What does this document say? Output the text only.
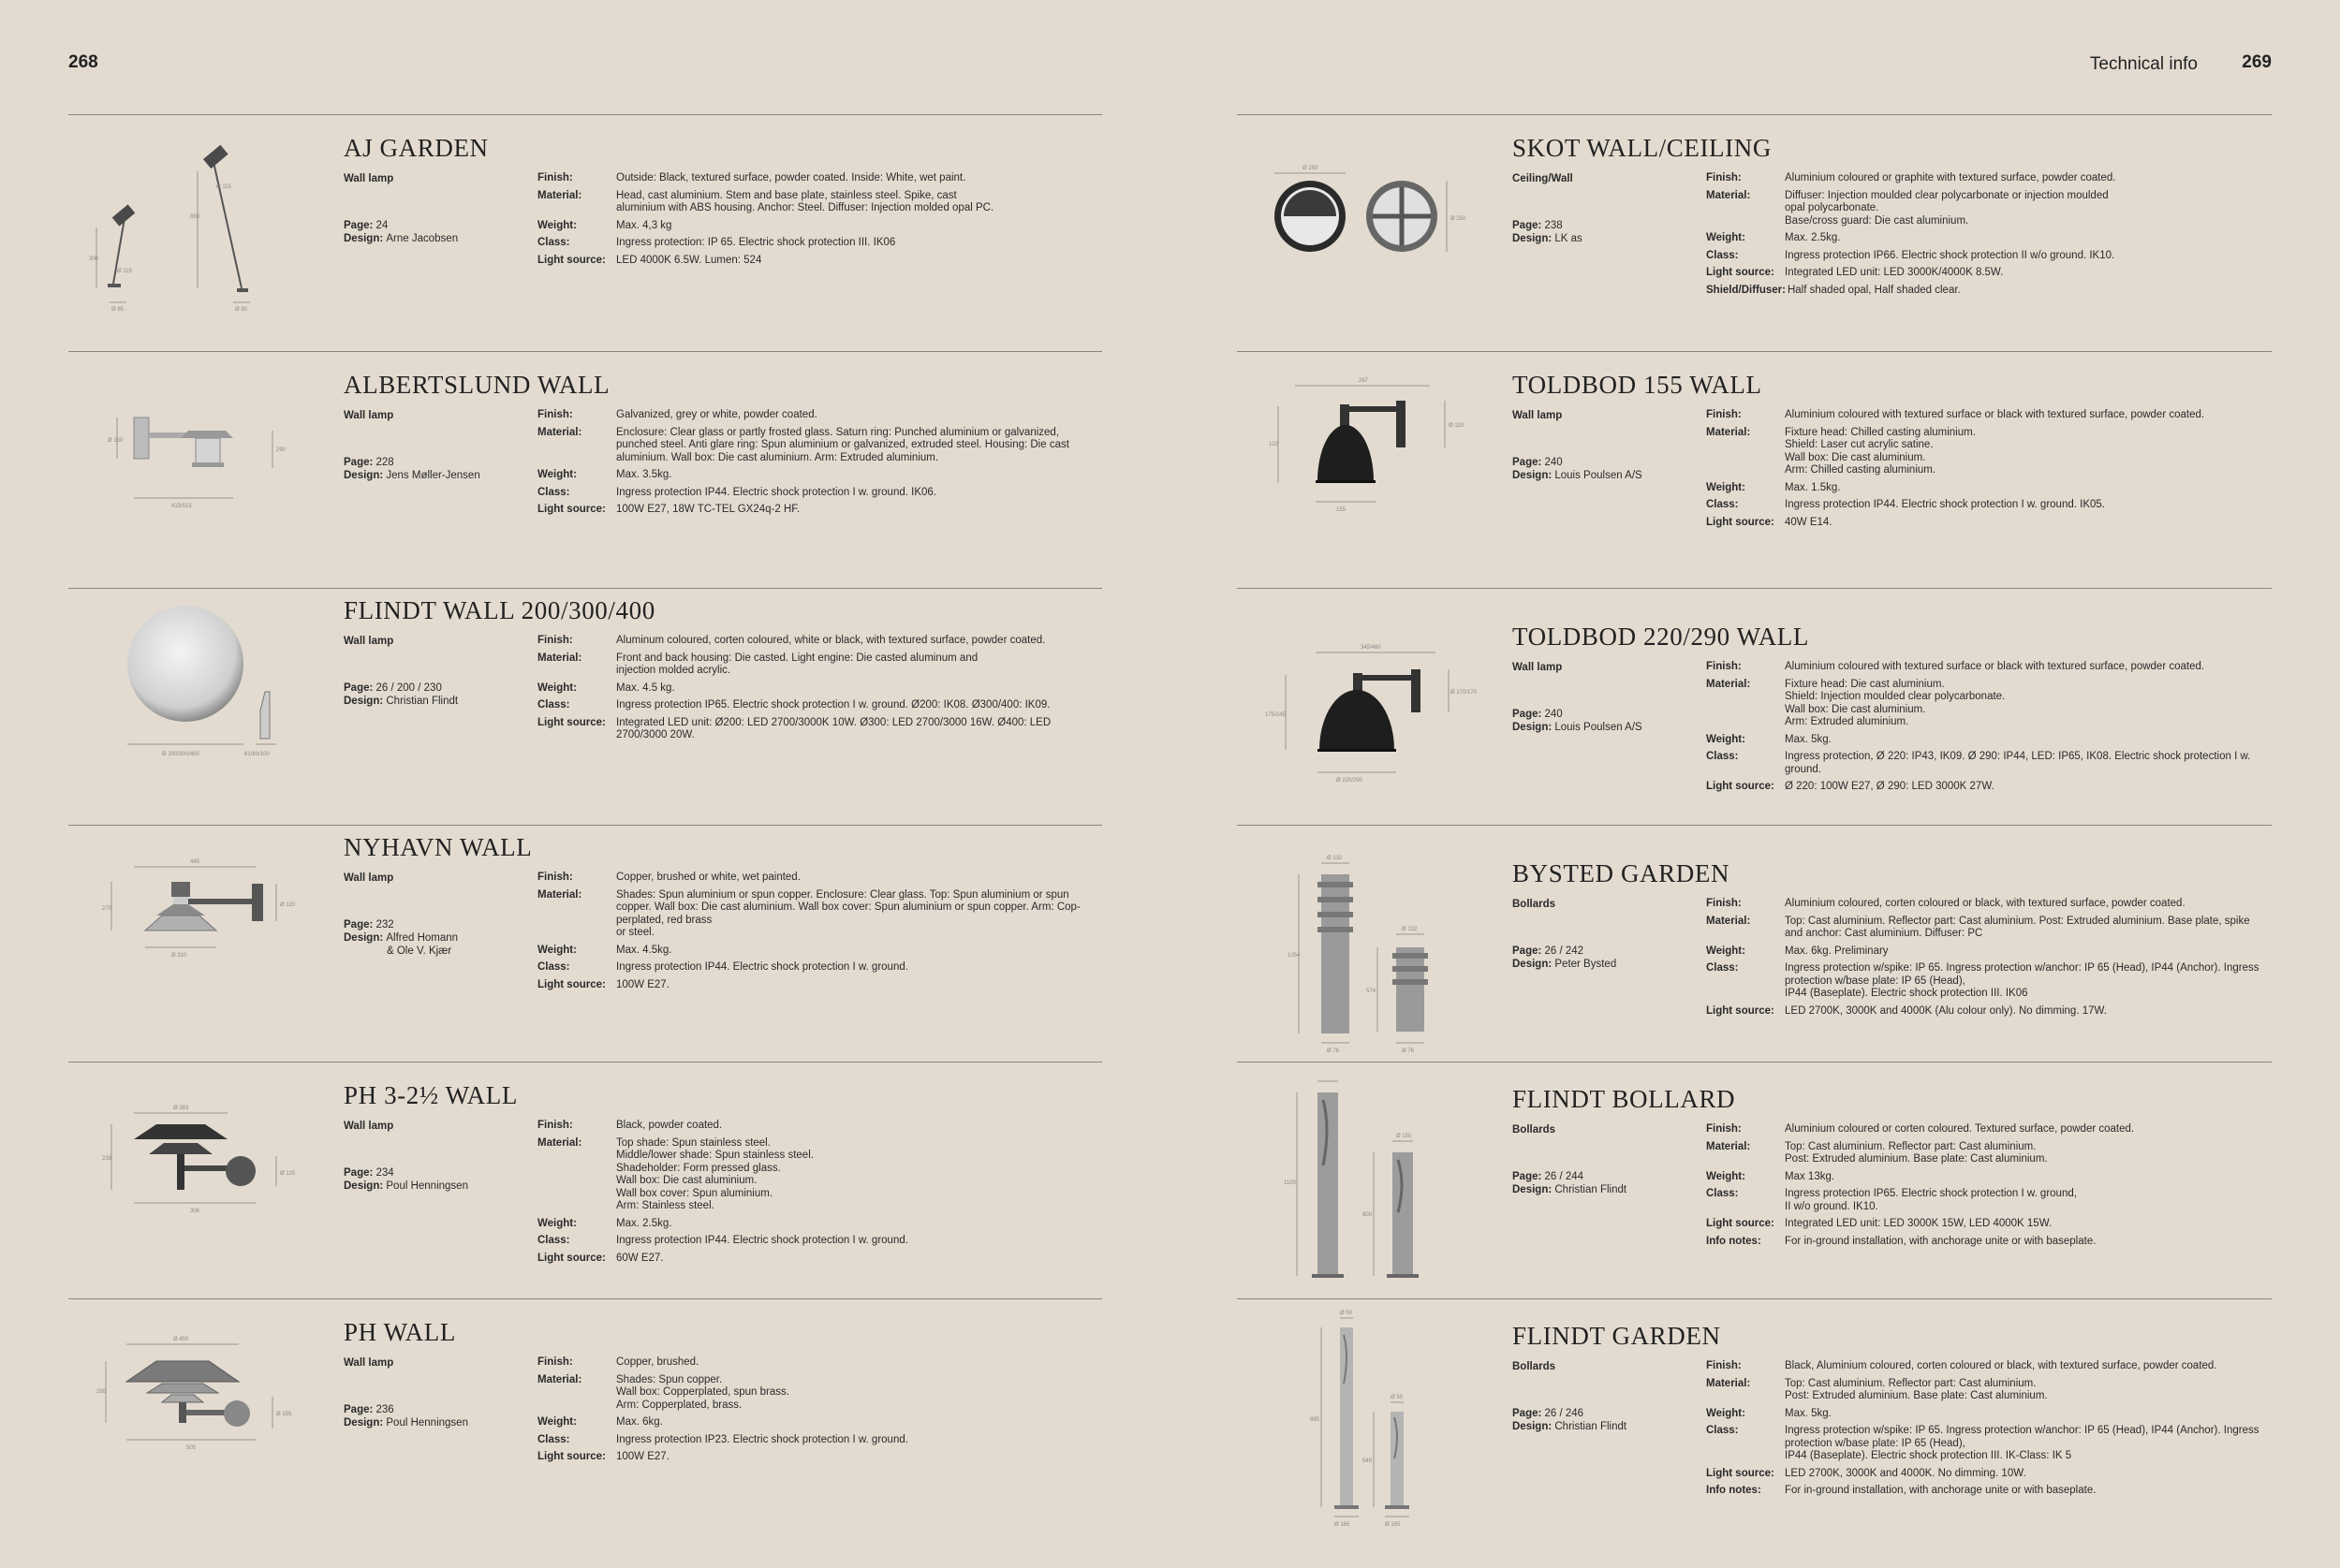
268	Technical info 269
300
Ø 115
Ø 85
850
Ø 115
Ø 90
AJ GARDEN
Wall lamp
Page: 24
Design: Arne Jacobsen
Finish:	Outside: Black, textured surface, powder coated. Inside: White, wet paint.
Material:	Head, cast aluminium. Stem and base plate, stainless steel. Spike, cast
aluminium with ABS housing. Anchor: Steel. Diffuser: Injection molded opal PC.
Weight:	Max. 4,3 kg
Class:	Ingress protection: IP 65. Electric shock protection III. IK06
Light source: LED 4000K 6.5W. Lumen: 524
Ø 150
290
415/515
ALBERTSLUND WALL
Wall lamp
Page: 228
Design: Jens Møller-Jensen
Finish:	Galvanized, grey or white, powder coated.
Material:	Enclosure: Clear glass or partly frosted glass. Saturn ring: Punched aluminium or galvanized,
punched steel. Anti glare ring: Spun aluminium or galvanized, extruded steel. Housing: Die cast
aluminium. Wall box: Die cast aluminium. Arm: Extruded aluminium.
Weight:	Max. 3.5kg.
Class:	Ingress protection IP44. Electric shock protection I w. ground. IK06.
Light source: 100W E27, 18W TC-TEL GX24q-2 HF.
Ø 200/300/400	61/83/100
FLINDT WALL 200/300/400
Wall lamp
Page: 26 / 200 / 230
Design: Christian Flindt
Finish:	Aluminum coloured, corten coloured, white or black, with textured surface, powder coated.
Material:	Front and back housing: Die casted. Light engine: Die casted aluminum and
injection molded acrylic.
Weight:	Max. 4.5 kg.
Class:	Ingress protection IP65. Electric shock protection I w. ground. Ø200: IK08. Ø300/400: IK09.
Light source: Integrated LED unit: Ø200: LED 2700/3000K 10W. Ø300: LED 2700/3000 16W. Ø400: LED
2700/3000 20W.
445
270
Ø 120
Ø 310
NYHAVN WALL
Wall lamp
Page: 232
Design: Alfred Homann
& Ole V. Kjær
Finish:	Copper, brushed or white, wet painted.
Material:	Shades: Spun aluminium or spun copper. Enclosure: Clear glass. Top: Spun aluminium or spun
copper. Wall box: Die cast aluminium. Wall box cover: Spun aluminium or spun copper. Arm: Cop-
perplated, red brass
or steel.
Weight:	Max. 4.5kg.
Class:	Ingress protection IP44. Electric shock protection I w. ground.
Light source: 100W E27.
Ø 283
239
Ø 125
306
PH 3-2½ WALL
Wall lamp
Page: 234
Design: Poul Henningsen
Finish:	Black, powder coated.
Material:	Top shade: Spun stainless steel.
Middle/lower shade: Spun stainless steel.
Shadeholder: Form pressed glass.
Wall box: Die cast aluminium.
Wall box cover: Spun aluminium.
Arm: Stainless steel.
Weight:	Max. 2.5kg.
Class:	Ingress protection IP44. Electric shock protection I w. ground.
Light source: 60W E27.
Ø 450
290
Ø 155
505
PH WALL
Wall lamp
Page: 236
Design: Poul Henningsen
Finish:	Copper, brushed.
Material:	Shades: Spun copper.
Wall box: Copperplated, spun brass.
Arm: Copperplated, brass.
Weight:	Max. 6kg.
Class:	Ingress protection IP23. Electric shock protection I w. ground.
Light source: 100W E27.
Ø 250
Ø 250
SKOT WALL/CEILING
Ceiling/Wall
Page: 238
Design: LK as
Finish:	Aluminium coloured or graphite with textured surface, powder coated.
Material:	Diffuser: Injection moulded clear polycarbonate or injection moulded
opal polycarbonate.
Base/cross guard: Die cast aluminium.
Weight:	Max. 2.5kg.
Class:	Ingress protection IP66. Electric shock protection II w/o ground. IK10.
Light source: Integrated LED unit: LED 3000K/4000K 8.5W.
Shield/Diffuser: Half shaded opal, Half shaded clear.
267
122
Ø 110
155
TOLDBOD 155 WALL
Wall lamp
Page: 240
Design: Louis Poulsen A/S
Finish:	Aluminium coloured with textured surface or black with textured surface, powder coated.
Material:	Fixture head: Chilled casting aluminium.
Shield: Laser cut acrylic satine.
Wall box: Die cast aluminium.
Arm: Chilled casting aluminium.
Weight:	Max. 1.5kg.
Class:	Ingress protection IP44. Electric shock protection I w. ground. IK05.
Light source: 40W E14.
345/460
175/245
Ø 170/170
Ø 220/290
TOLDBOD 220/290 WALL
Wall lamp
Page: 240
Design: Louis Poulsen A/S
Finish:	Aluminium coloured with textured surface or black with textured surface, powder coated.
Material:	Fixture head: Die cast aluminium.
Shield: Injection moulded clear polycarbonate.
Wall box: Die cast aluminium.
Arm: Extruded aluminium.
Weight:	Max. 5kg.
Class:	Ingress protection, Ø 220: IP43, IK09. Ø 290: IP44, LED: IP65, IK08. Electric shock protection I w.
ground.
Light source: Ø 220: 100W E27, Ø 290: LED 3000K 27W.
Ø 132
1054
Ø 76
Ø 132
574
Ø 76
BYSTED GARDEN
Bollards
Page: 26 / 242
Design: Peter Bysted
Finish:	Aluminium coloured, corten coloured or black, with textured surface, powder coated.
Material:	Top: Cast aluminium. Reflector part: Cast aluminium. Post: Extruded aluminium. Base plate, spike
and anchor: Cast aluminium. Diffuser: PC
Weight:	Max. 6kg. Preliminary
Class:	Ingress protection w/spike: IP 65. Ingress protection w/anchor: IP 65 (Head), IP44 (Anchor). Ingress
protection w/base plate: IP 65 (Head),
IP44 (Baseplate). Electric shock protection III. IK06
Light source: LED 2700K, 3000K and 4000K (Alu colour only). No dimming. 17W.
Ø 150
1100
800
FLINDT BOLLARD
Bollards
Page: 26 / 244
Design: Christian Flindt
Finish:	Aluminium coloured or corten coloured. Textured surface, powder coated.
Material:	Top: Cast aluminium. Reflector part: Cast aluminium.
Post: Extruded aluminium. Base plate: Cast aluminium.
Weight:	Max 13kg.
Class:	Ingress protection IP65. Electric shock protection I w. ground,
II w/o ground. IK10.
Light source: Integrated LED unit: LED 3000K 15W, LED 4000K 15W.
Info notes:	For in-ground installation, with anchorage unite or with baseplate.
Ø 50
895
Ø 50
545
Ø 165	Ø 165
FLINDT GARDEN
Bollards
Page: 26 / 246
Design: Christian Flindt
Finish:	Black, Aluminium coloured, corten coloured or black, with textured surface, powder coated.
Material:	Top: Cast aluminium. Reflector part: Cast aluminium.
Post: Extruded aluminium. Base plate: Cast aluminium.
Weight:	Max. 5kg.
Class:	Ingress protection w/spike: IP 65. Ingress protection w/anchor: IP 65 (Head), IP44 (Anchor). Ingress
protection w/base plate: IP 65 (Head),
IP44 (Baseplate). Electric shock protection III. IK-Class: IK 5
Light source: LED 2700K, 3000K and 4000K. No dimming. 10W.
Info notes:	For in-ground installation, with anchorage unite or with baseplate.
